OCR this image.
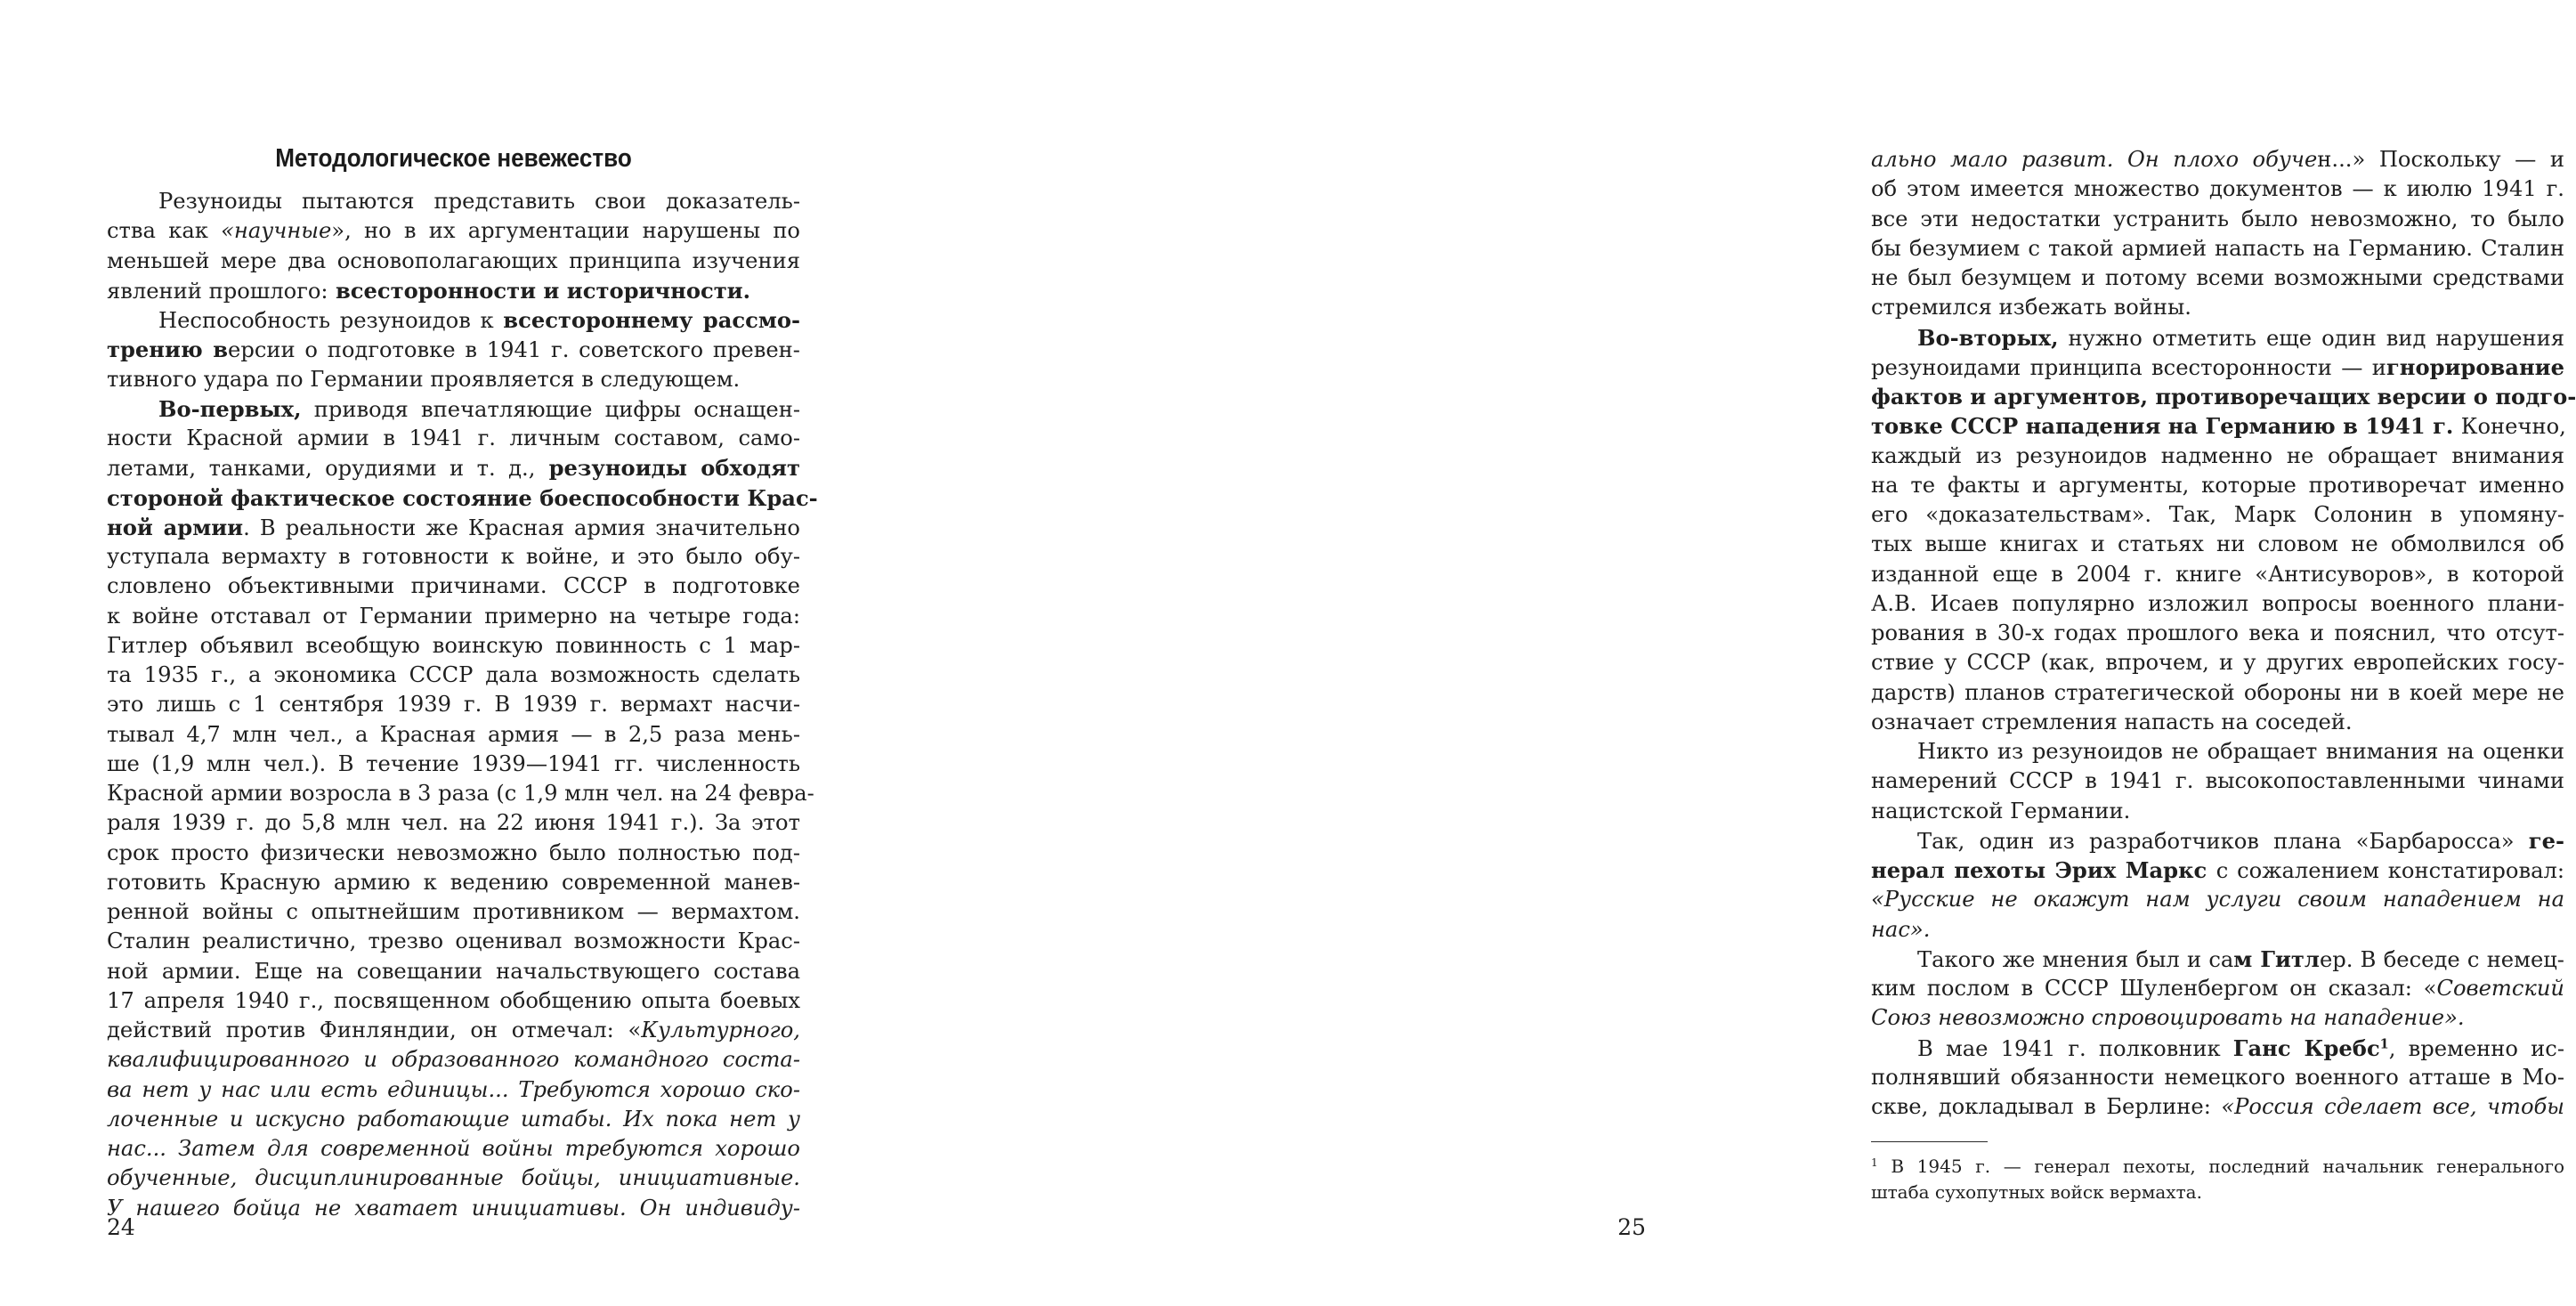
Методологическое невежество
Резуноиды пытаются представить свои доказатель-
ства как «научные», но в их аргументации нарушены по
меньшей мере два основополагающих принципа изучения
явлений прошлого: всесторонности и историчности.
Неспособность резуноидов к всестороннему рассмо-
трению версии о подготовке в 1941 г. советского превен-
тивного удара по Германии проявляется в следующем.
Во-первых, приводя впечатляющие цифры оснащен-
ности Красной армии в 1941 г. личным составом, само-
летами, танками, орудиями и т. д., резуноиды обходят
стороной фактическое состояние боеспособности Крас-
ной армии. В реальности же Красная армия значительно
уступала вермахту в готовности к войне, и это было обу-
словлено объективными причинами. СССР в подготовке
к войне отставал от Германии примерно на четыре года:
Гитлер объявил всеобщую воинскую повинность с 1 мар-
та 1935 г., а экономика СССР дала возможность сделать
это лишь с 1 сентября 1939 г. В 1939 г. вермахт насчи-
тывал 4,7 млн чел., а Красная армия — в 2,5 раза мень-
ше (1,9 млн чел.). В течение 1939—1941 гг. численность
Красной армии возросла в 3 раза (с 1,9 млн чел. на 24 февра-
раля 1939 г. до 5,8 млн чел. на 22 июня 1941 г.). За этот
срок просто физически невозможно было полностью под-
готовить Красную армию к ведению современной манев-
ренной войны с опытнейшим противником — вермахтом.
Сталин реалистично, трезво оценивал возможности Крас-
ной армии. Еще на совещании начальствующего состава
17 апреля 1940 г., посвященном обобщению опыта боевых
действий против Финляндии, он отмечал: «Культурного,
квалифицированного и образованного командного соста-
ва нет у нас или есть единицы... Требуются хорошо ско-
лоченные и искусно работающие штабы. Их пока нет у
нас... Затем для современной войны требуются хорошо
обученные, дисциплинированные бойцы, инициативные.
У нашего бойца не хватает инициативы. Он индивиду-
24
ально мало развит. Он плохо обучен...» Поскольку — и
об этом имеется множество документов — к июлю 1941 г.
все эти недостатки устранить было невозможно, то было
бы безумием с такой армией напасть на Германию. Сталин
не был безумцем и потому всеми возможными средствами
стремился избежать войны.
Во-вторых, нужно отметить еще один вид нарушения
резуноидами принципа всесторонности — игнорирование
фактов и аргументов, противоречащих версии о подго-
товке СССР нападения на Германию в 1941 г. Конечно,
каждый из резуноидов надменно не обращает внимания
на те факты и аргументы, которые противоречат именно
его «доказательствам». Так, Марк Солонин в упомяну-
тых выше книгах и статьях ни словом не обмолвился об
изданной еще в 2004 г. книге «Антисуворов», в которой
А.В. Исаев популярно изложил вопросы военного плани-
рования в 30-х годах прошлого века и пояснил, что отсут-
ствие у СССР (как, впрочем, и у других европейских госу-
дарств) планов стратегической обороны ни в коей мере не
означает стремления напасть на соседей.
Никто из резуноидов не обращает внимания на оценки
намерений СССР в 1941 г. высокопоставленными чинами
нацистской Германии.
Так, один из разработчиков плана «Барбаросса» ге-
нерал пехоты Эрих Маркс с сожалением констатировал:
«Русские не окажут нам услуги своим нападением на
нас».
Такого же мнения был и сам Гитлер. В беседе с немец-
ким послом в СССР Шуленбергом он сказал: «Советский
Союз невозможно спровоцировать на нападение».
В мае 1941 г. полковник Ганс Кребс$^1$, временно ис-
полнявший обязанности немецкого военного атташе в Мо-
скве, докладывал в Берлине: «Россия сделает все, чтобы
$^1$ В 1945 г. — генерал пехоты, последний начальник генерального
штаба сухопутных войск вермахта.
25
